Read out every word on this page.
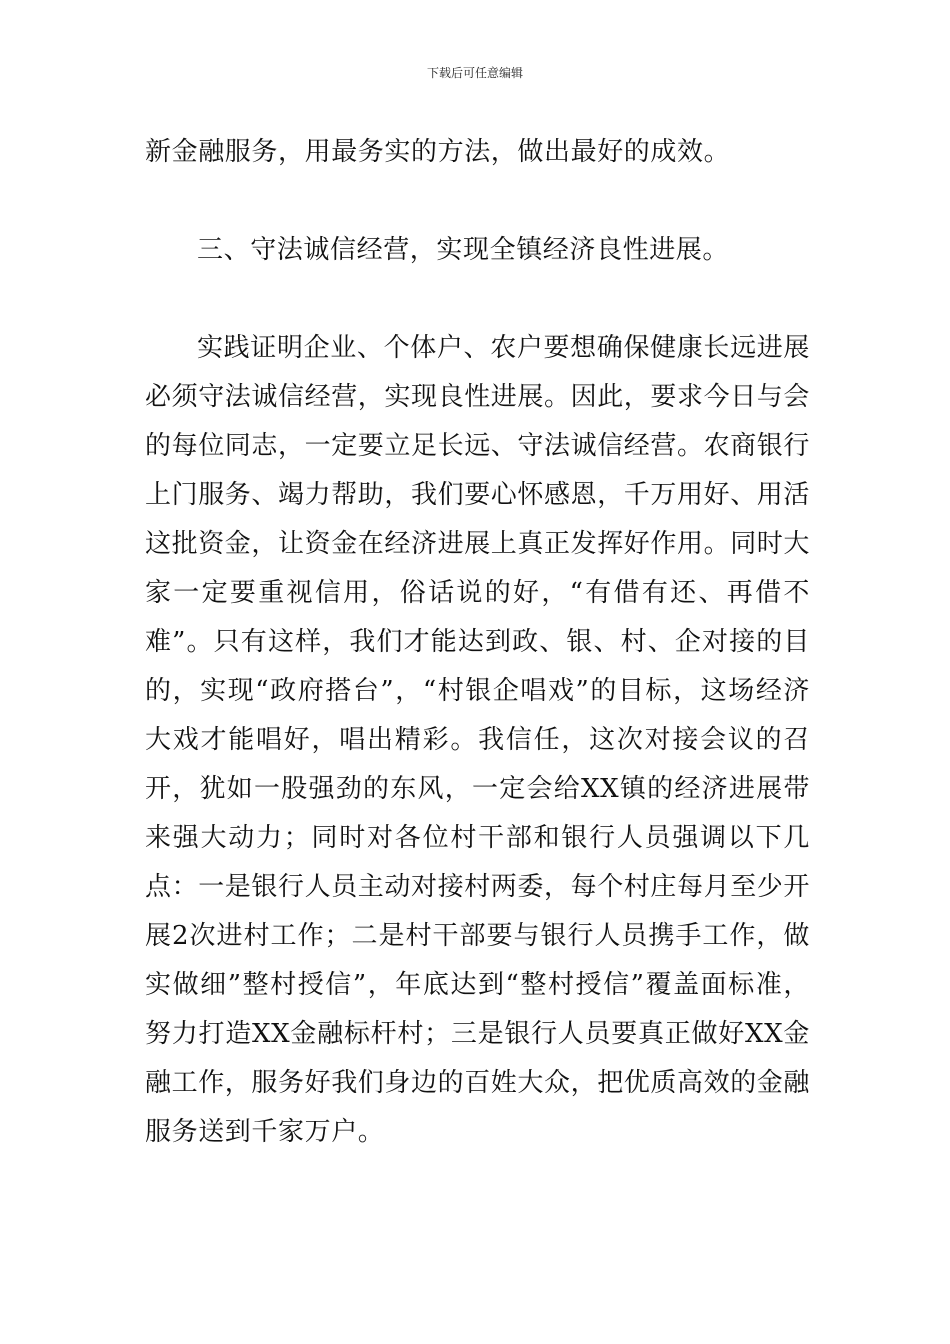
下载后可任意编辑

新金融服务，用最务实的方法，做出最好的成效。

三、守法诚信经营，实现全镇经济良性进展。

实践证明企业、个体户、农户要想确保健康长远进展必须守法诚信经营，实现良性进展。因此，要求今日与会的每位同志，一定要立足长远、守法诚信经营。农商银行上门服务、竭力帮助，我们要心怀感恩，千万用好、用活这批资金，让资金在经济进展上真正发挥好作用。同时大家一定要重视信用，俗话说的好，“有借有还、再借不难”。只有这样，我们才能达到政、银、村、企对接的目的，实现“政府搭台”，“村银企唱戏”的目标，这场经济大戏才能唱好，唱出精彩。我信任，这次对接会议的召开，犹如一股强劲的东风，一定会给XX镇的经济进展带来强大动力；同时对各位村干部和银行人员强调以下几点：一是银行人员主动对接村两委，每个村庄每月至少开展2次进村工作；二是村干部要与银行人员携手工作，做实做细”整村授信”，年底达到“整村授信”覆盖面标准，努力打造XX金融标杆村；三是银行人员要真正做好XX金融工作，服务好我们身边的百姓大众，把优质高效的金融服务送到千家万户。
